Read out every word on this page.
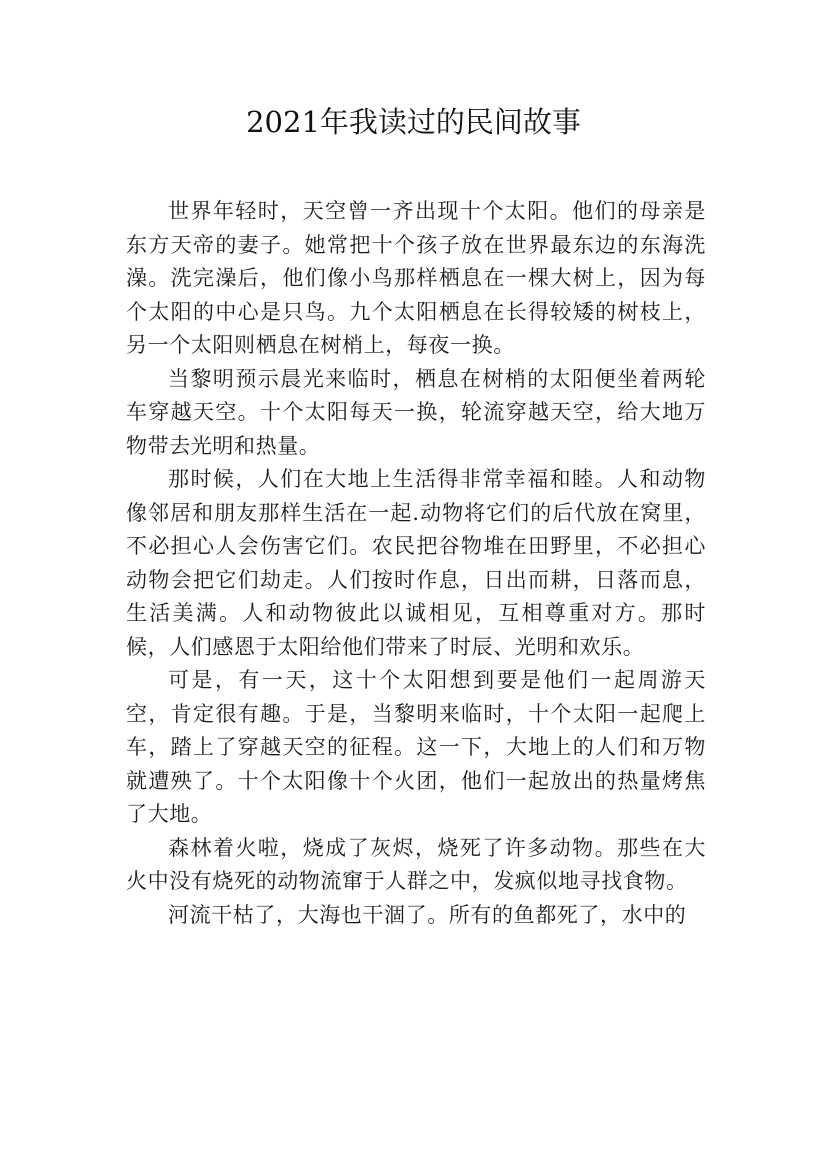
2021年我读过的民间故事

世界年轻时，天空曾一齐出现十个太阳。他们的母亲是东方天帝的妻子。她常把十个孩子放在世界最东边的东海洗澡。洗完澡后，他们像小鸟那样栖息在一棵大树上，因为每个太阳的中心是只鸟。九个太阳栖息在长得较矮的树枝上，另一个太阳则栖息在树梢上，每夜一换。

当黎明预示晨光来临时，栖息在树梢的太阳便坐着两轮车穿越天空。十个太阳每天一换，轮流穿越天空，给大地万物带去光明和热量。

那时候，人们在大地上生活得非常幸福和睦。人和动物像邻居和朋友那样生活在一起.动物将它们的后代放在窝里，不必担心人会伤害它们。农民把谷物堆在田野里，不必担心动物会把它们劫走。人们按时作息，日出而耕，日落而息，生活美满。人和动物彼此以诚相见，互相尊重对方。那时候，人们感恩于太阳给他们带来了时辰、光明和欢乐。

可是，有一天，这十个太阳想到要是他们一起周游天空，肯定很有趣。于是，当黎明来临时，十个太阳一起爬上车，踏上了穿越天空的征程。这一下，大地上的人们和万物就遭殃了。十个太阳像十个火团，他们一起放出的热量烤焦了大地。

森林着火啦，烧成了灰烬，烧死了许多动物。那些在大火中没有烧死的动物流窜于人群之中，发疯似地寻找食物。

河流干枯了，大海也干涸了。所有的鱼都死了，水中的
